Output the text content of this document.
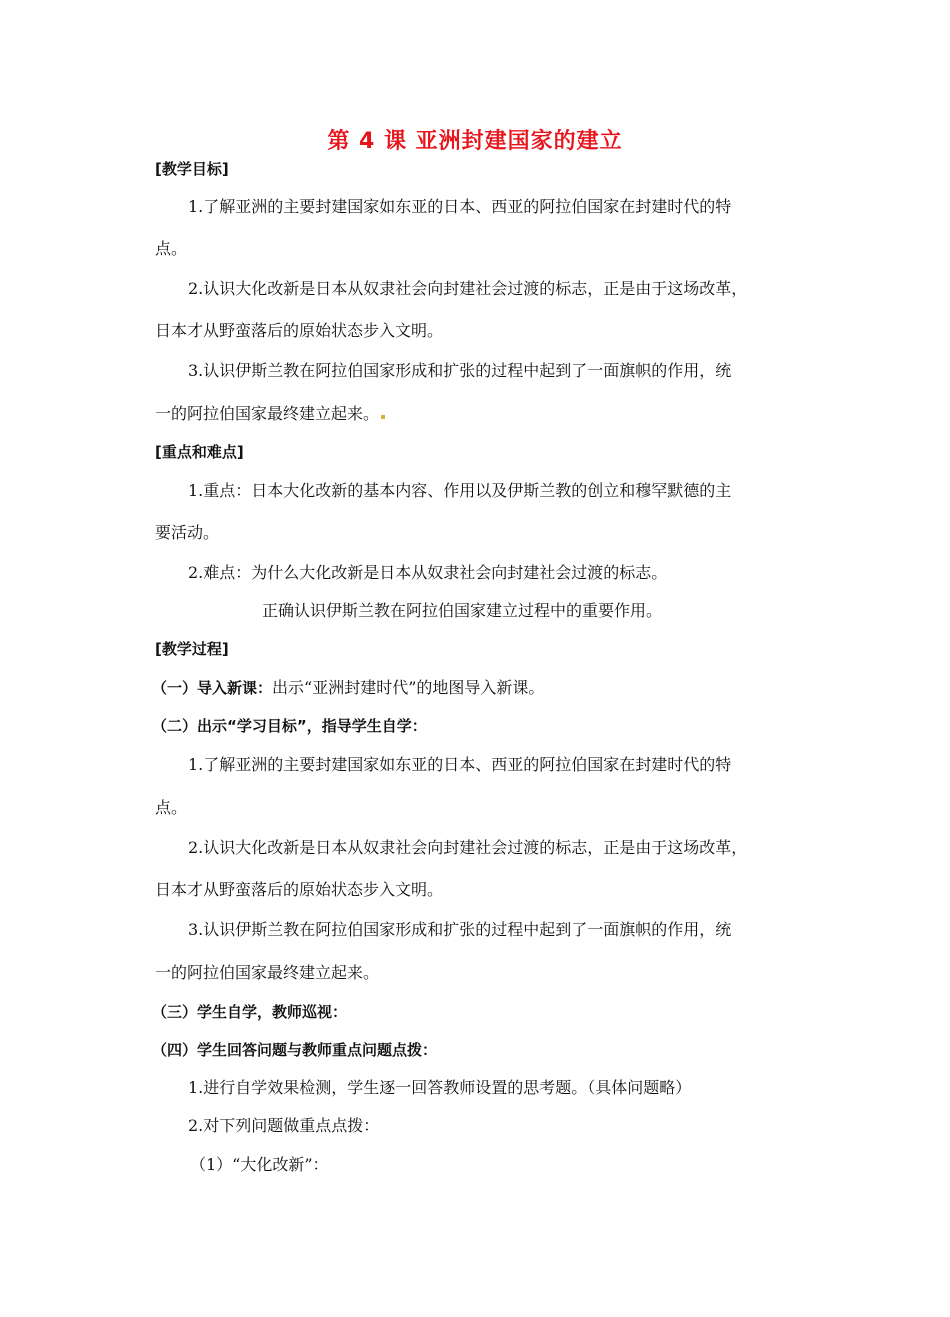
第 4 课 亚洲封建国家的建立
[教学目标]
1.了解亚洲的主要封建国家如东亚的日本、西亚的阿拉伯国家在封建时代的特
点。
2.认识大化改新是日本从奴隶社会向封建社会过渡的标志，正是由于这场改革，
日本才从野蛮落后的原始状态步入文明。
3.认识伊斯兰教在阿拉伯国家形成和扩张的过程中起到了一面旗帜的作用，统
一的阿拉伯国家最终建立起来。
[重点和难点]
1.重点：日本大化改新的基本内容、作用以及伊斯兰教的创立和穆罕默德的主
要活动。
2.难点：为什么大化改新是日本从奴隶社会向封建社会过渡的标志。
正确认识伊斯兰教在阿拉伯国家建立过程中的重要作用。
[教学过程]
（一）导入新课：出示“亚洲封建时代”的地图导入新课。
（二）出示“学习目标”，指导学生自学：
1.了解亚洲的主要封建国家如东亚的日本、西亚的阿拉伯国家在封建时代的特
点。
2.认识大化改新是日本从奴隶社会向封建社会过渡的标志，正是由于这场改革，
日本才从野蛮落后的原始状态步入文明。
3.认识伊斯兰教在阿拉伯国家形成和扩张的过程中起到了一面旗帜的作用，统
一的阿拉伯国家最终建立起来。
（三）学生自学，教师巡视：
（四）学生回答问题与教师重点问题点拨：
1.进行自学效果检测，学生逐一回答教师设置的思考题。（具体问题略）
2.对下列问题做重点点拨：
（1）“大化改新”：
